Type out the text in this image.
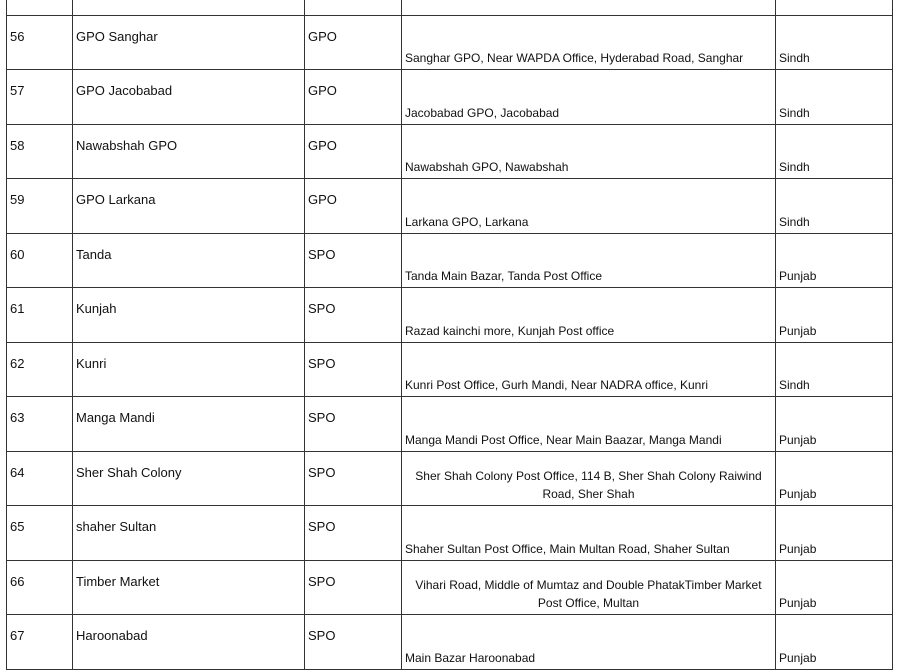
56	GPO Sanghar	GPO	Sanghar GPO, Near WAPDA Office, Hyderabad Road, Sanghar	Sindh
57	GPO Jacobabad	GPO	Jacobabad GPO, Jacobabad	Sindh
58	Nawabshah GPO	GPO	Nawabshah GPO, Nawabshah	Sindh
59	GPO Larkana	GPO	Larkana GPO, Larkana	Sindh
60	Tanda	SPO	Tanda Main Bazar, Tanda Post Office	Punjab
61	Kunjah	SPO	Razad kainchi more, Kunjah Post office	Punjab
62	Kunri	SPO	Kunri Post Office, Gurh Mandi, Near NADRA office, Kunri	Sindh
63	Manga Mandi	SPO	Manga Mandi Post Office, Near Main Baazar, Manga Mandi	Punjab
64	Sher Shah Colony	SPO	Sher Shah Colony Post Office, 114 B, Sher Shah Colony Raiwind Road, Sher Shah	Punjab
65	shaher Sultan	SPO	Shaher Sultan Post Office, Main Multan Road, Shaher Sultan	Punjab
66	Timber Market	SPO	Vihari Road, Middle of Mumtaz and Double PhatakTimber Market Post Office, Multan	Punjab
67	Haroonabad	SPO	Main Bazar Haroonabad	Punjab
